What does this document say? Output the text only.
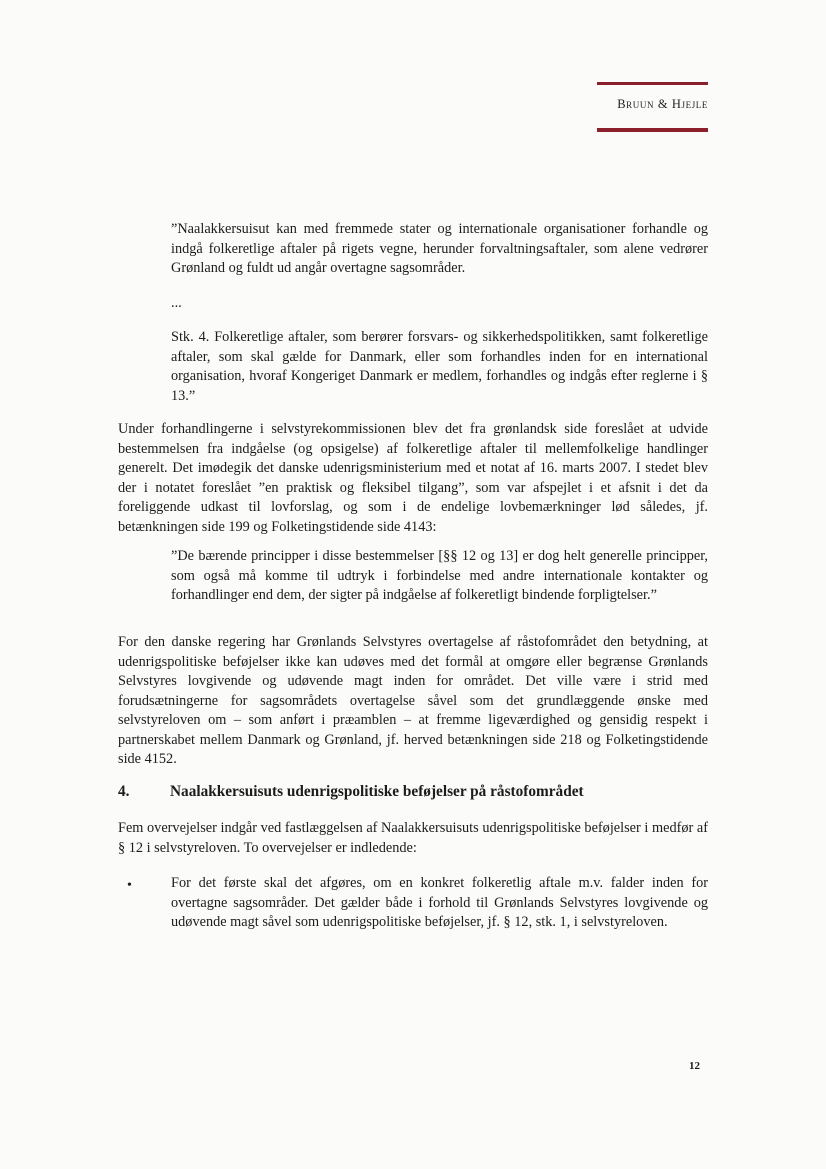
Bruun & Hjejle

”Naalakkersuisut kan med fremmede stater og internationale organisationer forhandle og indgå folkeretlige aftaler på rigets vegne, herunder forvaltningsaftaler, som alene vedrører Grønland og fuldt ud angår overtagne sagsområder.

...

Stk. 4. Folkeretlige aftaler, som berører forsvars- og sikkerhedspolitikken, samt folkeretlige aftaler, som skal gælde for Danmark, eller som forhandles inden for en international organisation, hvoraf Kongeriget Danmark er medlem, forhandles og indgås efter reglerne i § 13.”

Under forhandlingerne i selvstyrekommissionen blev det fra grønlandsk side foreslået at udvide bestemmelsen fra indgåelse (og opsigelse) af folkeretlige aftaler til mellemfolkelige handlinger generelt. Det imødegik det danske udenrigsministerium med et notat af 16. marts 2007. I stedet blev der i notatet foreslået ”en praktisk og fleksibel tilgang”, som var afspejlet i et afsnit i det da foreliggende udkast til lovforslag, og som i de endelige lovbemærkninger lød således, jf. betænkningen side 199 og Folketingstidende side 4143:

”De bærende principper i disse bestemmelser [§§ 12 og 13] er dog helt generelle principper, som også må komme til udtryk i forbindelse med andre internationale kontakter og forhandlinger end dem, der sigter på indgåelse af folkeretligt bindende forpligtelser.”

For den danske regering har Grønlands Selvstyres overtagelse af råstofområdet den betydning, at udenrigspolitiske beføjelser ikke kan udøves med det formål at omgøre eller begrænse Grønlands Selvstyres lovgivende og udøvende magt inden for området. Det ville være i strid med forudsætningerne for sagsområdets overtagelse såvel som det grundlæggende ønske med selvstyreloven om – som anført i præamblen – at fremme ligeværdighed og gensidig respekt i partnerskabet mellem Danmark og Grønland, jf. herved betænkningen side 218 og Folketingstidende side 4152.

4.	Naalakkersuisuts udenrigspolitiske beføjelser på råstofområdet

Fem overvejelser indgår ved fastlæggelsen af Naalakkersuisuts udenrigspolitiske beføjelser i medfør af § 12 i selvstyreloven. To overvejelser er indledende:

•	For det første skal det afgøres, om en konkret folkeretlig aftale m.v. falder inden for overtagne sagsområder. Det gælder både i forhold til Grønlands Selvstyres lovgivende og udøvende magt såvel som udenrigspolitiske beføjelser, jf. § 12, stk. 1, i selvstyreloven.

12
